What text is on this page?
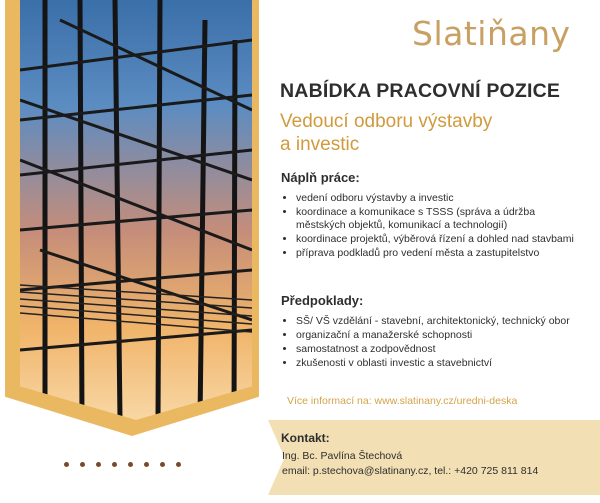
Slatiňany
NABÍDKA PRACOVNÍ POZICE
Vedoucí odboru výstavby
a investic
Náplň práce:
• vedení odboru výstavby a investic
• koordinace a komunikace s TSSS (správa a údržba městských objektů, komunikací a technologií)
• koordinace projektů, výběrová řízení a dohled nad stavbami
• příprava podkladů pro vedení města a zastupitelstvo
Předpoklady:
• SŠ/ VŠ vzdělání - stavební, architektonický, technický obor
• organizační a manažerské schopnosti
• samostatnost a zodpovědnost
• zkušenosti v oblasti investic a stavebnictví
Více informací na: www.slatinany.cz/uredni-deska
Kontakt:
Ing. Bc. Pavlína Štechová
email: p.stechova@slatinany.cz, tel.: +420 725 811 814
